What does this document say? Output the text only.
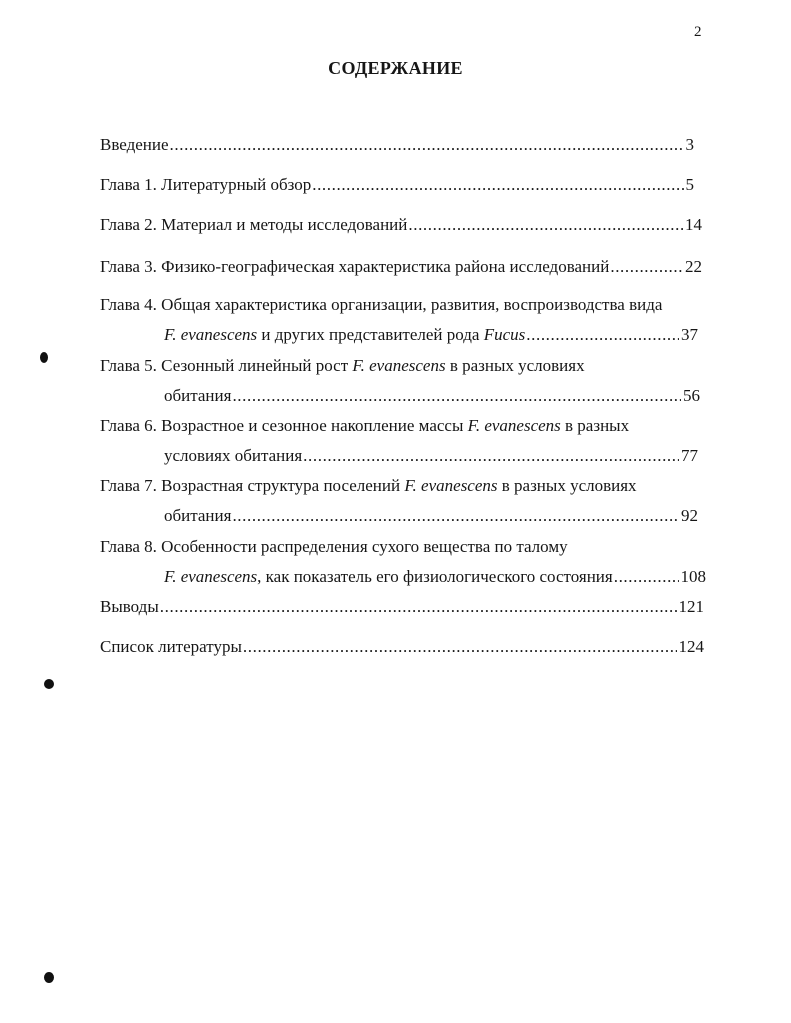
2
СОДЕРЖАНИЕ
Введение .....	3
Глава 1. Литературный обзор .....	5
Глава 2. Материал и методы исследований .....	14
Глава 3. Физико-географическая характеристика района исследований .....	22
Глава 4. Общая характеристика организации, развития, воспроизводства вида
F. evanescens и других представителей рода Fucus .....	37
Глава 5. Сезонный линейный рост F. evanescens в разных условиях
обитания .....	56
Глава 6. Возрастное и сезонное накопление массы F. evanescens в разных
условиях обитания .....	77
Глава 7. Возрастная структура поселений F. evanescens в разных условиях
обитания .....	92
Глава 8. Особенности распределения сухого вещества по талому
F. evanescens, как показатель его физиологического состояния .....	108
Выводы .....	121
Список литературы .....	124
